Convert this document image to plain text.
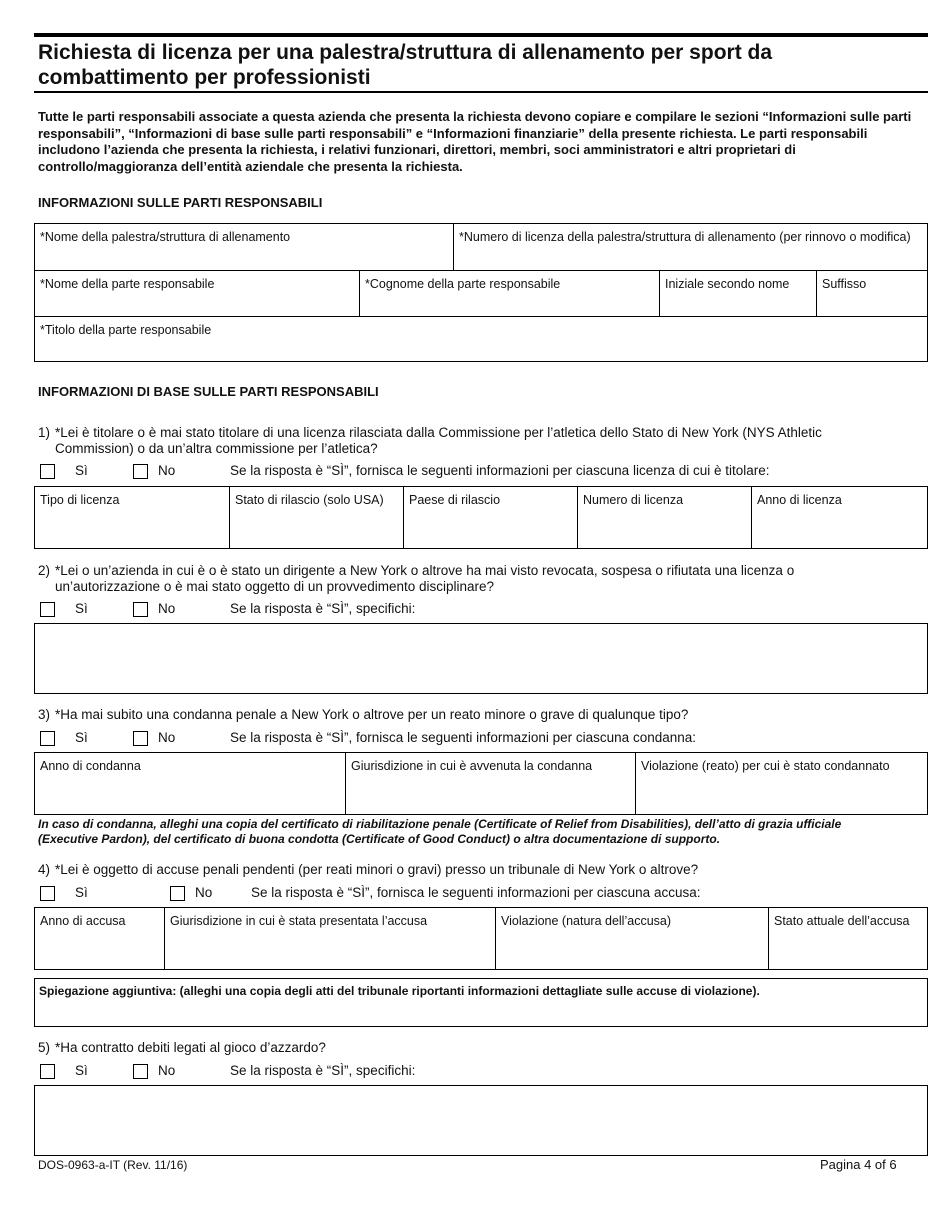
Richiesta di licenza per una palestra/struttura di allenamento per sport da combattimento per professionisti
Tutte le parti responsabili associate a questa azienda che presenta la richiesta devono copiare e compilare le sezioni “Informazioni sulle parti responsabili”, “Informazioni di base sulle parti responsabili” e “Informazioni finanziarie” della presente richiesta. Le parti responsabili includono l’azienda che presenta la richiesta, i relativi funzionari, direttori, membri, soci amministratori e altri proprietari di controllo/maggioranza dell’entità aziendale che presenta la richiesta.
INFORMAZIONI SULLE PARTI RESPONSABILI
*Nome della palestra/struttura di allenamento	*Numero di licenza della palestra/struttura di allenamento (per rinnovo o modifica)
*Nome della parte responsabile	*Cognome della parte responsabile	Iniziale secondo nome	Suffisso
*Titolo della parte responsabile
INFORMAZIONI DI BASE SULLE PARTI RESPONSABILI
1) *Lei è titolare o è mai stato titolare di una licenza rilasciata dalla Commissione per l’atletica dello Stato di New York (NYS Athletic
Commission) o da un’altra commissione per l’atletica?
Sì	No	Se la risposta è “SÌ”, fornisca le seguenti informazioni per ciascuna licenza di cui è titolare:
Tipo di licenza	Stato di rilascio (solo USA)	Paese di rilascio	Numero di licenza	Anno di licenza
2) *Lei o un’azienda in cui è o è stato un dirigente a New York o altrove ha mai visto revocata, sospesa o rifiutata una licenza o
un’autorizzazione o è mai stato oggetto di un provvedimento disciplinare?
Sì	No	Se la risposta è “SÌ”, specifichi:
3) *Ha mai subito una condanna penale a New York o altrove per un reato minore o grave di qualunque tipo?
Sì	No	Se la risposta è “SÌ”, fornisca le seguenti informazioni per ciascuna condanna:
Anno di condanna	Giurisdizione in cui è avvenuta la condanna	Violazione (reato) per cui è stato condannato
In caso di condanna, alleghi una copia del certificato di riabilitazione penale (Certificate of Relief from Disabilities), dell’atto di grazia ufficiale
(Executive Pardon), del certificato di buona condotta (Certificate of Good Conduct) o altra documentazione di supporto.
4) *Lei è oggetto di accuse penali pendenti (per reati minori o gravi) presso un tribunale di New York o altrove?
Sì	No	Se la risposta è “SÌ”, fornisca le seguenti informazioni per ciascuna accusa:
Anno di accusa	Giurisdizione in cui è stata presentata l’accusa	Violazione (natura dell’accusa)	Stato attuale dell’accusa
Spiegazione aggiuntiva: (alleghi una copia degli atti del tribunale riportanti informazioni dettagliate sulle accuse di violazione).
5) *Ha contratto debiti legati al gioco d’azzardo?
Sì	No	Se la risposta è “SÌ”, specifichi:
DOS-0963-a-IT (Rev. 11/16)	Pagina 4 of 6
